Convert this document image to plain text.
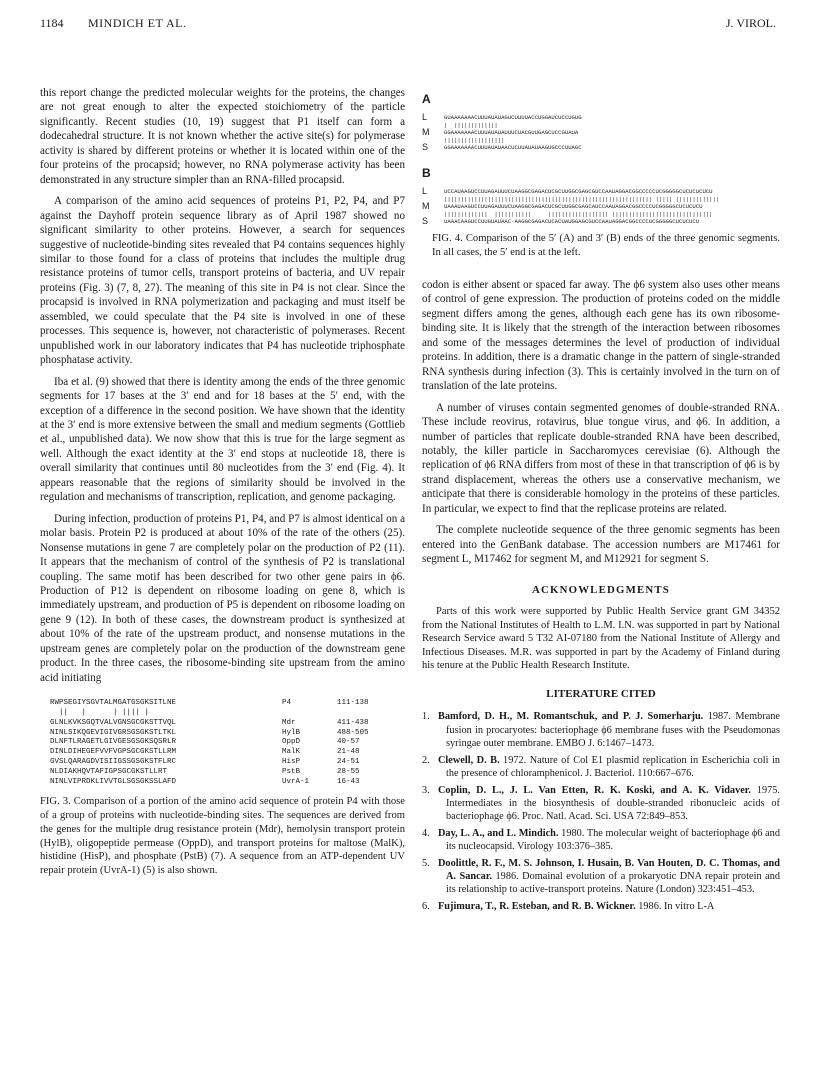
1184 MINDICH ET AL.	J. VIROL.

this report change the predicted molecular weights for the proteins, the changes are not great enough to alter the expected stoichiometry of the particle significantly. Recent studies (10, 19) suggest that P1 itself can form a dodecahedral structure. It is not known whether the active site(s) for polymerase activity is shared by different proteins or whether it is located within one of the four proteins of the procapsid; however, no RNA polymerase activity has been demonstrated in any structure simpler than an RNA-filled procapsid.

A comparison of the amino acid sequences of proteins P1, P2, P4, and P7 against the Dayhoff protein sequence library as of April 1987 showed no significant similarity to other proteins. However, a search for sequences suggestive of nucleotide-binding sites revealed that P4 contains sequences highly similar to those found for a class of proteins that includes the multiple drug resistance proteins of tumor cells, transport proteins of bacteria, and UV repair proteins (Fig. 3) (7, 8, 27). The meaning of this site in P4 is not clear. Since the procapsid is involved in RNA polymerization and packaging and must itself be assembled, we could speculate that the P4 site is involved in one of these processes. This sequence is, however, not characteristic of polymerases. Recent unpublished work in our laboratory indicates that P4 has nucleotide triphosphate phosphatase activity.

Iba et al. (9) showed that there is identity among the ends of the three genomic segments for 17 bases at the 3′ end and for 18 bases at the 5′ end, with the exception of a difference in the second position. We have shown that the identity at the 3′ end is more extensive between the small and medium segments (Gottlieb et al., unpublished data). We now show that this is true for the large segment as well. Although the exact identity at the 3′ end stops at nucleotide 18, there is overall similarity that continues until 80 nucleotides from the 3′ end (Fig. 4). It appears reasonable that the regions of similarity should be involved in the regulation and mechanisms of transcription, replication, and genome packaging.

During infection, production of proteins P1, P4, and P7 is almost identical on a molar basis. Protein P2 is produced at about 10% of the rate of the others (25). Nonsense mutations in gene 7 are completely polar on the production of P2 (11). It appears that the mechanism of control of the synthesis of P2 is translational coupling. The same motif has been described for two other gene pairs in ϕ6. Production of P12 is dependent on ribosome loading on gene 8, which is immediately upstream, and production of P5 is dependent on ribosome loading on gene 9 (12). In both of these cases, the downstream product is synthesized at about 10% of the rate of the upstream product, and nonsense mutations in the upstream genes are completely polar on the production of the downstream gene product. In the three cases, the ribosome-binding site upstream from the amino acid initiating

RWPSEGIYSGVTALMGATGSGKSITLNE	P4	111-138
||   |      | |||| |
GLNLKVKSGQTVALVGNSGCGKSTTVQL	Mdr	411-438
NINLSIKQGEVIGIVGRSGSGKSTLTKL	HylB	488-505
DLNFTLRAGETLGIVGESGSGKSQSRLR	OppD	40-57
DINLDIHEGEFVVFVGPSGCGKSTLLRM	MalK	21-48
GVSLQARAGDVISIIGSSGSGKSTFLRC	HisP	24-51
NLDIAKHQVTAFIGPSGCGKSTLLRT	PstB	28-55
NINLVIPRDKLIVVTGLSGSGKSSLAFD	UvrA-1	16-43

FIG. 3. Comparison of a portion of the amino acid sequence of protein P4 with those of a group of proteins with nucleotide-binding sites. The sequences are derived from the genes for the multiple drug resistance protein (Mdr), hemolysin transport protein (HylB), oligopeptide permease (OppD), and transport proteins for maltose (MalK), histidine (HisP), and phosphate (PstB) (7). A sequence from an ATP-dependent UV repair protein (UvrA-1) (5) is also shown.

A
L	GUAAAAAAACUUUAUAUAGUCUUUUACCUGGAUCUCCUGUG
|  |||||||||||||
M	GGAAAAAAACUUUAUAUAUUUCUACGUUGAGCUCCGUAUA
||||||||||||||||||
S	GGAAAAAAACUUUAUAUAACUCUUAUAUAAGUGCCCUUAGC
B
L	UCCAUAAGUCCUUAGAUUUCUAAGGCGAGACUCGCUUGGCGAGCGUCCAAUAGGACGGCCCCCUCGGGGGCUCUCUCUCU
|||||||||||||||||||||||||||||||||||||||||||||||||||||||||||||| ||||| |||||||||||||
M	UAAAUAAGUCCUUAGAUUUCUAAGGCGAGACUCGCUUGGCGAGCAUCCAAUAGGACGGCCCCUCGGGGGCUCUCUCU
|||||||||||||  |||||||||||     |||||||||||||||||| ||||||||||||||||||||||||||||||
S	UAAACAAGUCCUUGUAUAAC·AAGGCGAGACUCACUAUGGAGCGUCCAAUAGGACGGCCCCUCGGGGGCUCUCUCU

FIG. 4. Comparison of the 5′ (A) and 3′ (B) ends of the three genomic segments. In all cases, the 5′ end is at the left.

codon is either absent or spaced far away. The ϕ6 system also uses other means of control of gene expression. The production of proteins coded on the middle segment differs among the genes, although each gene has its own ribosome-binding site. It is likely that the strength of the interaction between ribosomes and some of the messages determines the level of production of individual proteins. In addition, there is a dramatic change in the pattern of single-stranded RNA synthesis during infection (3). This is certainly involved in the turn on of translation of the late proteins.

A number of viruses contain segmented genomes of double-stranded RNA. These include reovirus, rotavirus, blue tongue virus, and ϕ6. In addition, a number of particles that replicate double-stranded RNA have been described, notably, the killer particle in Saccharomyces cerevisiae (6). Although the replication of ϕ6 RNA differs from most of these in that transcription of ϕ6 is by strand displacement, whereas the others use a conservative mechanism, we anticipate that there is considerable homology in the proteins of these particles. In particular, we expect to find that the replicase proteins are related.

The complete nucleotide sequence of the three genomic segments has been entered into the GenBank database. The accession numbers are M17461 for segment L, M17462 for segment M, and M12921 for segment S.

ACKNOWLEDGMENTS

Parts of this work were supported by Public Health Service grant GM 34352 from the National Institutes of Health to L.M. I.N. was supported in part by National Research Service award 5 T32 AI-07180 from the National Institute of Allergy and Infectious Diseases. M.R. was supported in part by the Academy of Finland during his tenure at the Public Health Research Institute.

LITERATURE CITED
1. Bamford, D. H., M. Romantschuk, and P. J. Somerharju. 1987. Membrane fusion in procaryotes: bacteriophage ϕ6 membrane fuses with the Pseudomonas syringae outer membrane. EMBO J. 6:1467–1473.
2. Clewell, D. B. 1972. Nature of Col E1 plasmid replication in Escherichia coli in the presence of chloramphenicol. J. Bacteriol. 110:667–676.
3. Coplin, D. L., J. L. Van Etten, R. K. Koski, and A. K. Vidaver. 1975. Intermediates in the biosynthesis of double-stranded ribonucleic acids of bacteriophage ϕ6. Proc. Natl. Acad. Sci. USA 72:849–853.
4. Day, L. A., and L. Mindich. 1980. The molecular weight of bacteriophage ϕ6 and its nucleocapsid. Virology 103:376–385.
5. Doolittle, R. F., M. S. Johnson, I. Husain, B. Van Houten, D. C. Thomas, and A. Sancar. 1986. Domainal evolution of a prokaryotic DNA repair protein and its relationship to active-transport proteins. Nature (London) 323:451–453.
6. Fujimura, T., R. Esteban, and R. B. Wickner. 1986. In vitro L-A
